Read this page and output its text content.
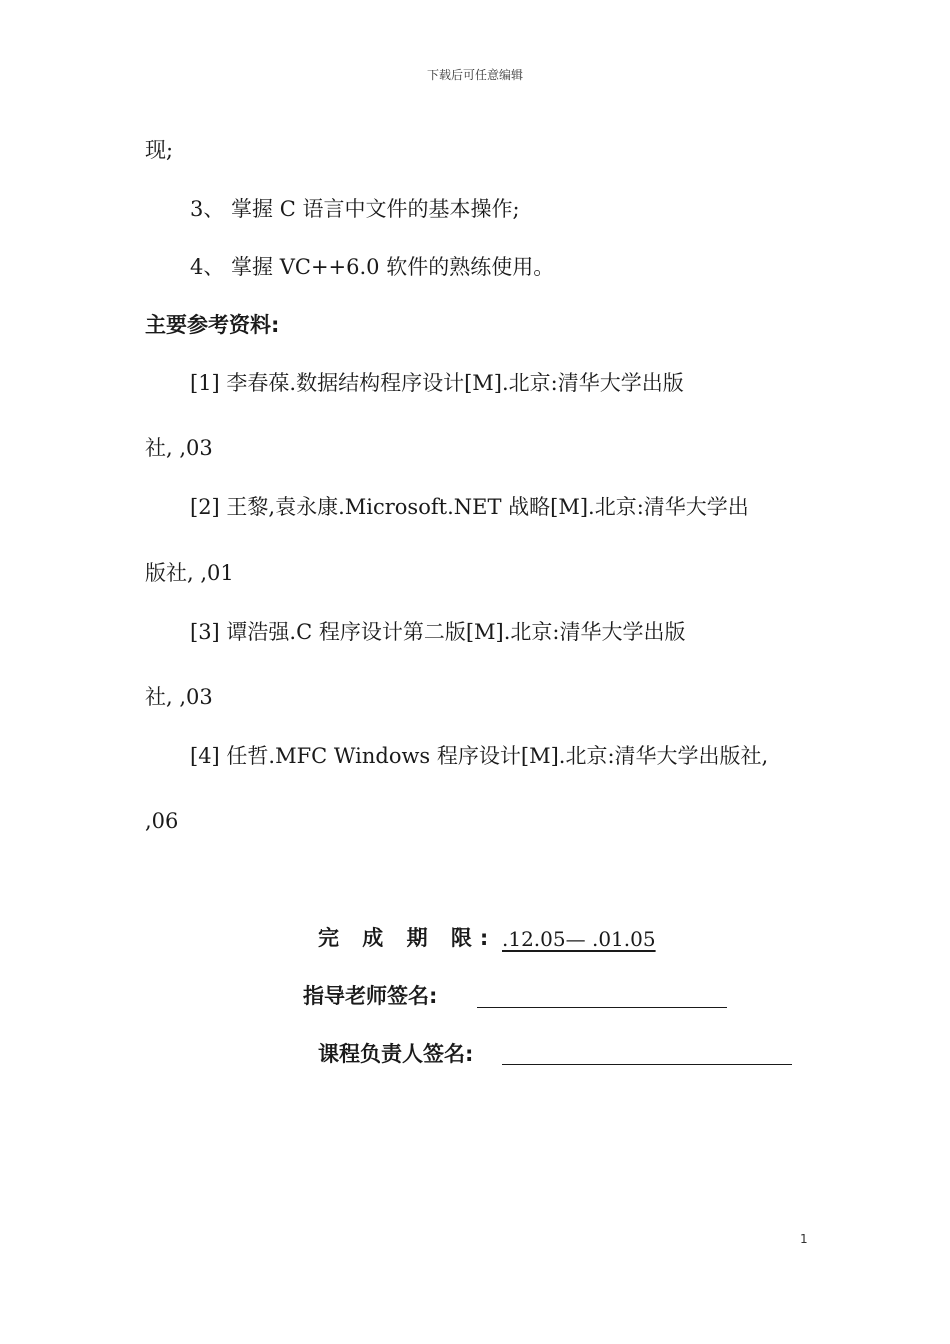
下载后可任意编辑
现;
3、 掌握 C 语言中文件的基本操作;
4、 掌握 VC++6.0 软件的熟练使用。
主要参考资料:
[1] 李春葆.数据结构程序设计[M].北京:清华大学出版
社, ,03
[2] 王黎,袁永康.Microsoft.NET 战略[M].北京:清华大学出
版社, ,01
[3] 谭浩强.C 程序设计第二版[M].北京:清华大学出版
社, ,03
[4] 任哲.MFC Windows 程序设计[M].北京:清华大学出版社,
,06
完 成 期 限: .12.05— .01.05
指导老师签名:
课程负责人签名:
1
